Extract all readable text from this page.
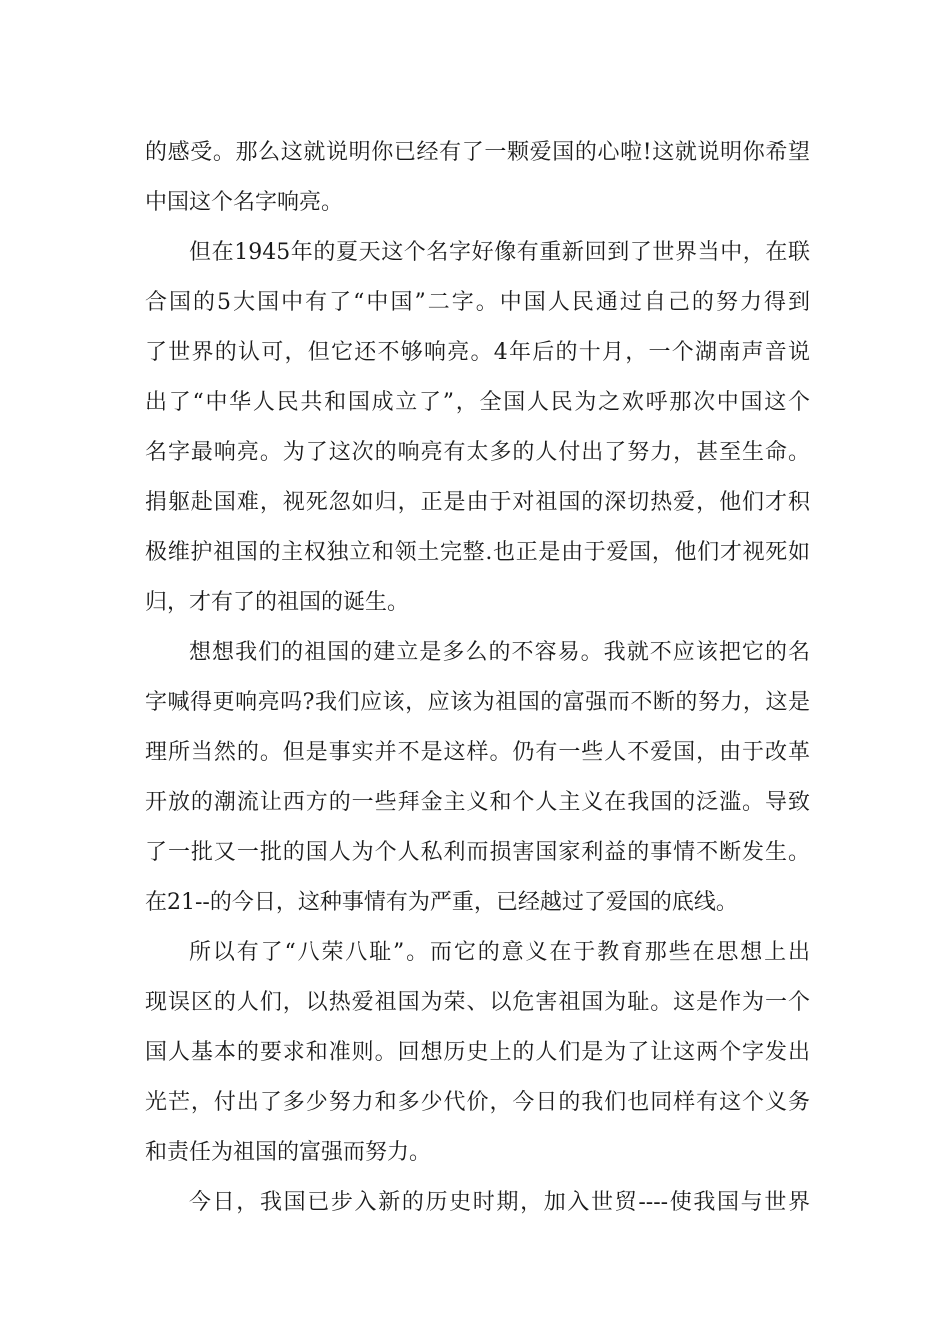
的感受。那么这就说明你已经有了一颗爱国的心啦!这就说明你希望
中国这个名字响亮。
但在1945年的夏天这个名字好像有重新回到了世界当中，在联
合国的5大国中有了“中国”二字。中国人民通过自己的努力得到
了世界的认可，但它还不够响亮。4年后的十月，一个湖南声音说
出了“中华人民共和国成立了”，全国人民为之欢呼那次中国这个
名字最响亮。为了这次的响亮有太多的人付出了努力，甚至生命。
捐躯赴国难，视死忽如归，正是由于对祖国的深切热爱，他们才积
极维护祖国的主权独立和领土完整.也正是由于爱国，他们才视死如
归，才有了的祖国的诞生。
想想我们的祖国的建立是多么的不容易。我就不应该把它的名
字喊得更响亮吗?我们应该，应该为祖国的富强而不断的努力，这是
理所当然的。但是事实并不是这样。仍有一些人不爱国，由于改革
开放的潮流让西方的一些拜金主义和个人主义在我国的泛滥。导致
了一批又一批的国人为个人私利而损害国家利益的事情不断发生。
在21--的今日，这种事情有为严重，已经越过了爱国的底线。
所以有了“八荣八耻”。而它的意义在于教育那些在思想上出
现误区的人们，以热爱祖国为荣、以危害祖国为耻。这是作为一个
国人基本的要求和准则。回想历史上的人们是为了让这两个字发出
光芒，付出了多少努力和多少代价，今日的我们也同样有这个义务
和责任为祖国的富强而努力。
今日，我国已步入新的历史时期，加入世贸----使我国与世界
